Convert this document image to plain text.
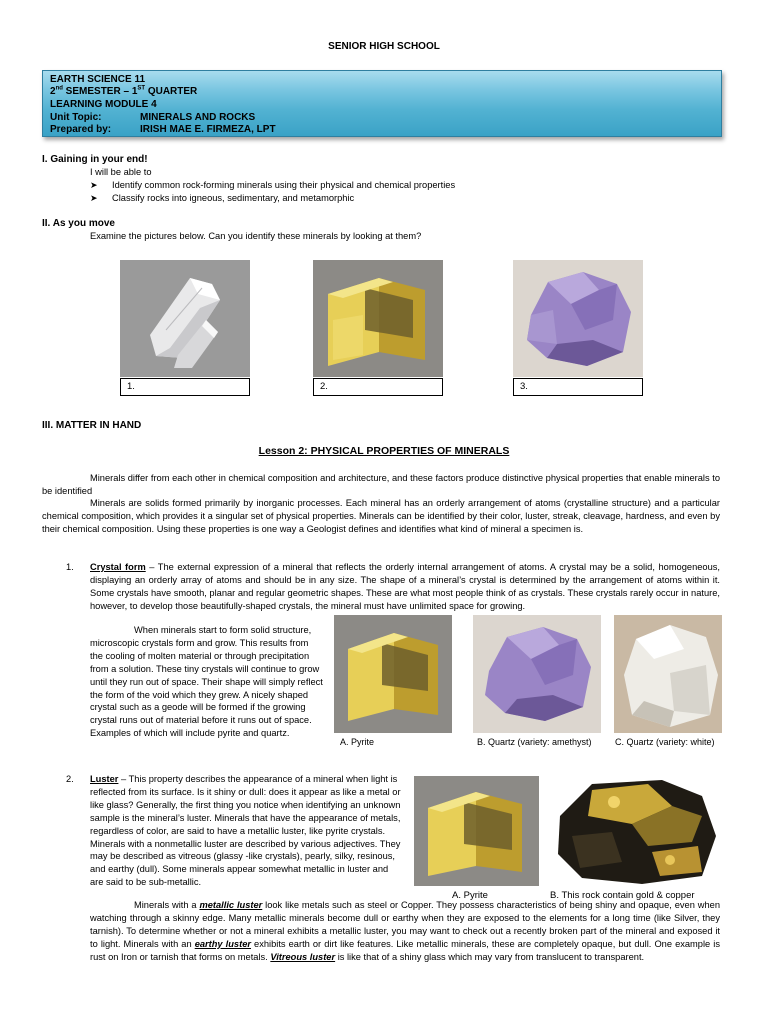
SENIOR HIGH SCHOOL
EARTH SCIENCE 11
2nd SEMESTER – 1ST QUARTER
LEARNING MODULE 4
Unit Topic:	MINERALS AND ROCKS
Prepared by:	IRISH MAE E. FIRMEZA, LPT
I. Gaining in your end!
I will be able to
➤ Identify common rock-forming minerals using their physical and chemical properties
➤ Classify rocks into igneous, sedimentary, and metamorphic
II. As you move
Examine the pictures below. Can you identify these minerals by looking at them?
1.	2.	3.
III. MATTER IN HAND
Lesson 2: PHYSICAL PROPERTIES OF MINERALS
Minerals differ from each other in chemical composition and architecture, and these factors produce distinctive physical properties that enable minerals to be identified
Minerals are solids formed primarily by inorganic processes. Each mineral has an orderly arrangement of atoms (crystalline structure) and a particular chemical composition, which provides it a singular set of physical properties. Minerals can be identified by their color, luster, streak, cleavage, hardness, and even by their chemical composition. Using these properties is one way a Geologist defines and identifies what kind of mineral a specimen is.
1. Crystal form – The external expression of a mineral that reflects the orderly internal arrangement of atoms. A crystal may be a solid, homogeneous, displaying an orderly array of atoms and should be in any size. The shape of a mineral’s crystal is determined by the arrangement of atoms within it. Some crystals have smooth, planar and regular geometric shapes. These are what most people think of as crystals. These crystals rarely occur in nature, however, to develop those beautifully-shaped crystals, the mineral must have unlimited space for growing.
When minerals start to form solid structure, microscopic crystals form and grow. This results from the cooling of molten material or through precipitation from a solution. These tiny crystals will continue to grow until they run out of space. Their shape will simply reflect the form of the void which they grew. A nicely shaped crystal such as a geode will be formed if the growing crystal runs out of material before it runs out of space. Examples of which will include pyrite and quartz.
A. Pyrite	B. Quartz (variety: amethyst)	C. Quartz (variety: white)
2. Luster – This property describes the appearance of a mineral when light is reflected from its surface. Is it shiny or dull: does it appear as like a metal or like glass? Generally, the first thing you notice when identifying an unknown sample is the mineral’s luster. Minerals that have the appearance of metals, regardless of color, are said to have a metallic luster, like pyrite crystals. Minerals with a nonmetallic luster are described by various adjectives. They may be described as vitreous (glassy -like crystals), pearly, silky, resinous, and earthy (dull). Some minerals appear somewhat metallic in luster and are said to be sub-metallic.
A. Pyrite	B. This rock contain gold & copper
Minerals with a metallic luster look like metals such as steel or Copper. They possess characteristics of being shiny and opaque, even when watching through a skinny edge. Many metallic minerals become dull or earthy when they are exposed to the elements for a long time (like Silver, they tarnish). To determine whether or not a mineral exhibits a metallic luster, you may want to check out a recently broken part of the mineral and exposed it to light. Minerals with an earthy luster exhibits earth or dirt like features. Like metallic minerals, these are completely opaque, but dull. One example is rust on Iron or tarnish that forms on metals. Vitreous luster is like that of a shiny glass which may vary from translucent to transparent.
